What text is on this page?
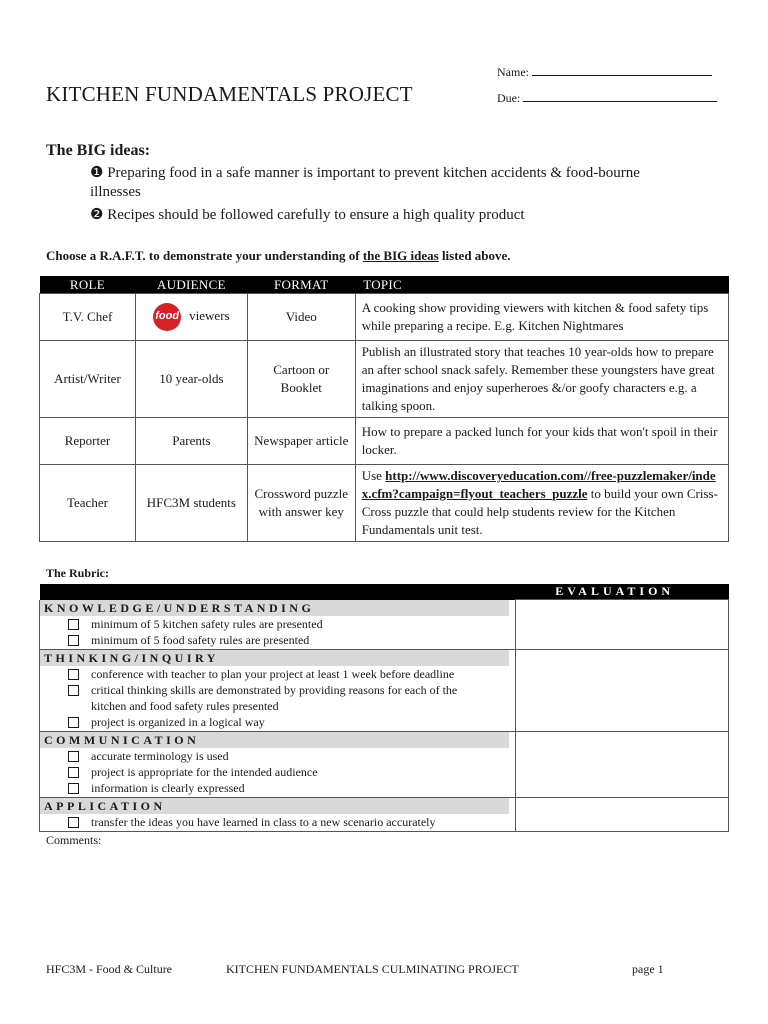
KITCHEN FUNDAMENTALS PROJECT
Name:
Due:
The BIG ideas:
❶ Preparing food in a safe manner is important to prevent kitchen accidents & food-bourne illnesses
❷ Recipes should be followed carefully to ensure a high quality product
Choose a R.A.F.T. to demonstrate your understanding of the BIG ideas listed above.
ROLE	AUDIENCE	FORMAT	TOPIC
T.V. Chef	food viewers	Video	A cooking show providing viewers with kitchen & food safety tips while preparing a recipe. E.g. Kitchen Nightmares
Artist/Writer	10 year-olds	Cartoon or Booklet	Publish an illustrated story that teaches 10 year-olds how to prepare an after school snack safely. Remember these youngsters have great imaginations and enjoy superheroes &/or goofy characters e.g. a talking spoon.
Reporter	Parents	Newspaper article	How to prepare a packed lunch for your kids that won't spoil in their locker.
Teacher	HFC3M students	Crossword puzzle with answer key	Use http://www.discoveryeducation.com//free-puzzlemaker/index.cfm?campaign=flyout_teachers_puzzle to build your own Criss-Cross puzzle that could help students review for the Kitchen Fundamentals unit test.
The Rubric:
	EVALUATION

KNOWLEDGE/UNDERSTANDING
minimum of 5 kitchen safety rules are presented
minimum of 5 food safety rules are presented	

THINKING/INQUIRY
conference with teacher to plan your project at least 1 week before deadline
critical thinking skills are demonstrated by providing reasons for each of the kitchen and food safety rules presented
project is organized in a logical way	

COMMUNICATION
accurate terminology is used
project is appropriate for the intended audience
information is clearly expressed	

APPLICATION
transfer the ideas you have learned in class to a new scenario accurately	

Comments:
HFC3M - Food & Culture	KITCHEN FUNDAMENTALS CULMINATING PROJECT	page 1
